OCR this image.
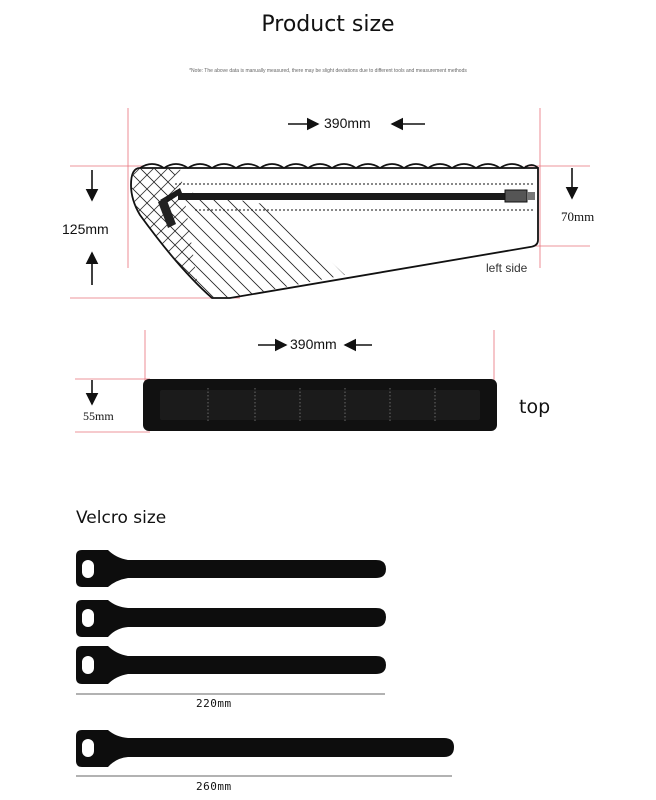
Product size
*Note: The above data is manually measured, there may be slight deviations due to different tools and measurement methods
390mm
125mm
70mm
left side
390mm
55mm	top
Velcro size
220mm
260mm
